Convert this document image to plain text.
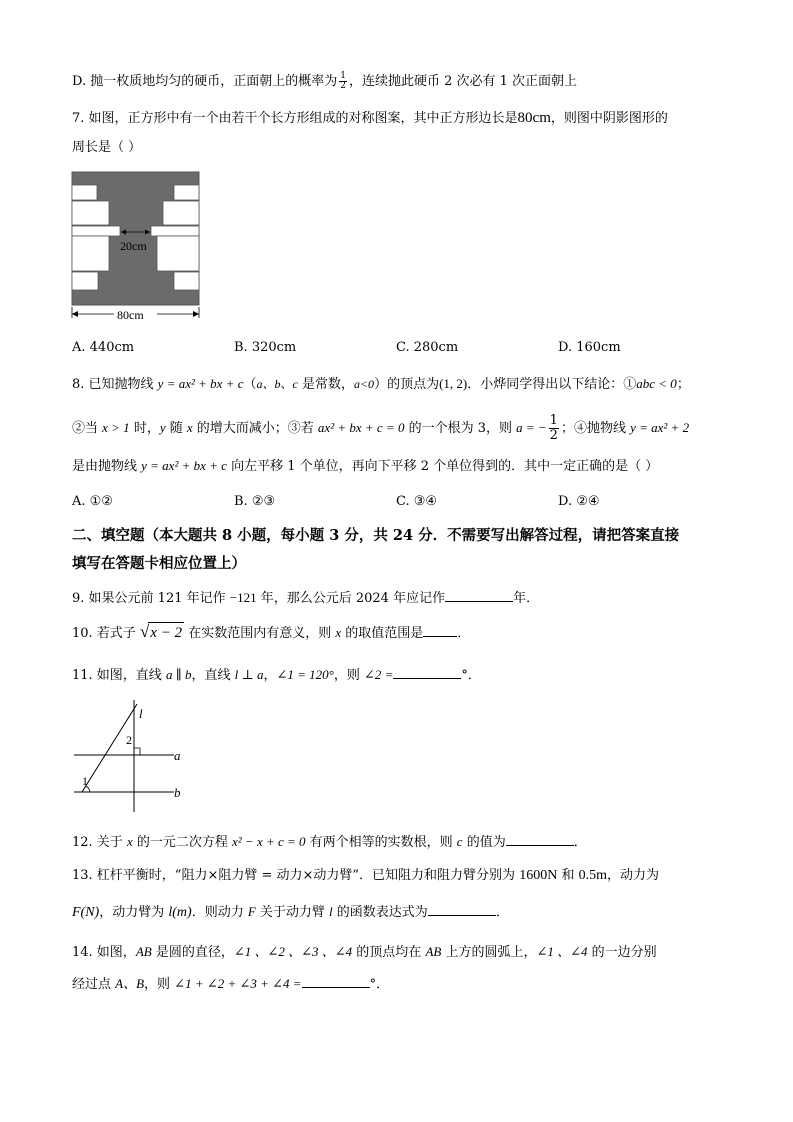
D. 抛一枚质地均匀的硬币，正面朝上的概率为 $\frac{1}{2}$ ，连续抛此硬币 2 次必有 1 次正面朝上
7. 如图，正方形中有一个由若干个长方形组成的对称图案，其中正方形边长是80cm，则图中阴影图形的
周长是（ ）
20cm
80cm
A. 440cm	B. 320cm	C. 280cm	D. 160cm
8. 已知抛物线 y = ax² + bx + c（a、b、c 是常数，a<0）的顶点为(1, 2)．小烨同学得出以下结论：①abc < 0；
②当 x > 1 时，y 随 x 的增大而减小；③若 ax² + bx + c = 0 的一个根为 3，则 a = − $\frac{1}{2}$ ；④抛物线 y = ax² + 2
是由抛物线 y = ax² + bx + c 向左平移 1 个单位，再向下平移 2 个单位得到的．其中一定正确的是（ ）
A. ①②	B. ②③	C. ③④	D. ②④
二、填空题（本大题共 8 小题，每小题 3 分，共 24 分．不需要写出解答过程，请把答案直接
填写在答题卡相应位置上）
9. 如果公元前 121 年记作 −121 年，那么公元后 2024 年应记作	年．
10. 若式子 √x − 2 在实数范围内有意义，则 x 的取值范围是	．
11. 如图，直线 a ∥ b，直线 l ⊥ a，∠1 = 120°，则 ∠2 =	°．
l
2
a
1
b
12. 关于 x 的一元二次方程 x² − x + c = 0 有两个相等的实数根，则 c 的值为	．
13. 杠杆平衡时，“阻力×阻力臂 = 动力×动力臂”．已知阻力和阻力臂分别为 1600N 和 0.5m，动力为
F(N)，动力臂为 l(m)．则动力 F 关于动力臂 l 的函数表达式为	．
14. 如图，AB 是圆的直径，∠1 、∠2 、∠3 、∠4 的顶点均在 AB 上方的圆弧上，∠1 、∠4 的一边分别
经过点 A、B，则 ∠1 + ∠2 + ∠3 + ∠4 =	°．
